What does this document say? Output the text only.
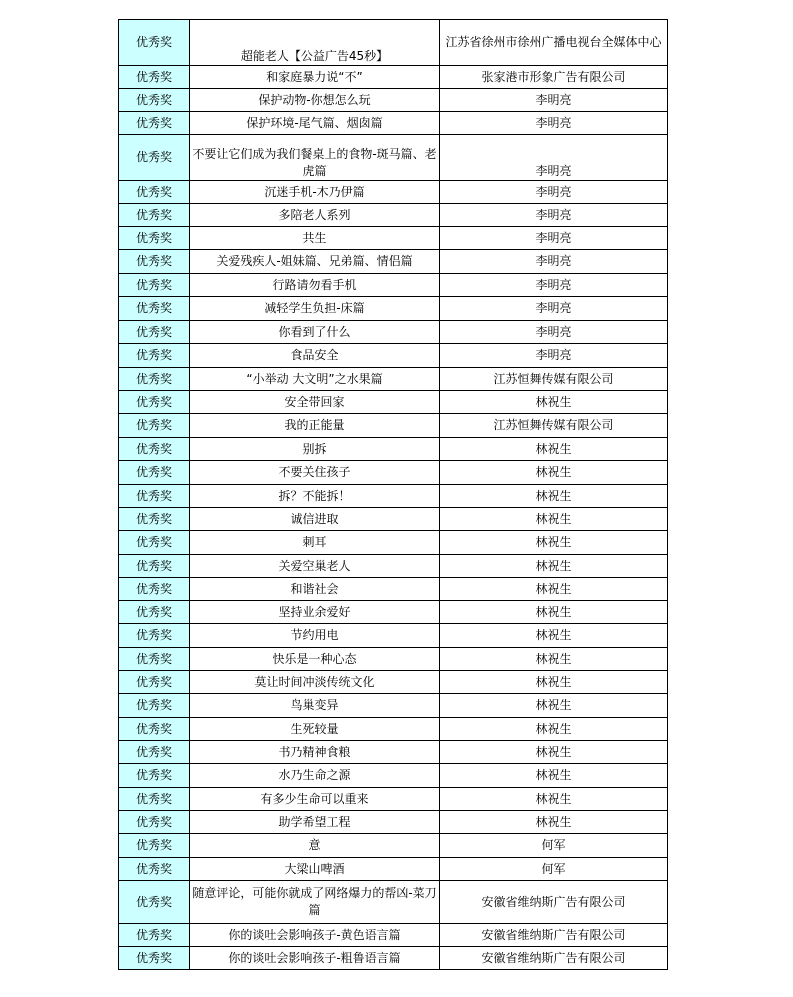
优秀奖	超能老人【公益广告45秒】	江苏省徐州市徐州广播电视台全媒体中心
优秀奖	和家庭暴力说“不”	张家港市形象广告有限公司
优秀奖	保护动物-你想怎么玩	李明亮
优秀奖	保护环境-尾气篇、烟囱篇	李明亮
优秀奖	不要让它们成为我们餐桌上的食物-斑马篇、老虎篇	李明亮
优秀奖	沉迷手机-木乃伊篇	李明亮
优秀奖	多陪老人系列	李明亮
优秀奖	共生	李明亮
优秀奖	关爱残疾人-姐妹篇、兄弟篇、情侣篇	李明亮
优秀奖	行路请勿看手机	李明亮
优秀奖	减轻学生负担-床篇	李明亮
优秀奖	你看到了什么	李明亮
优秀奖	食品安全	李明亮
优秀奖	“小举动 大文明”之水果篇	江苏恒舞传媒有限公司
优秀奖	安全带回家	林祝生
优秀奖	我的正能量	江苏恒舞传媒有限公司
优秀奖	别拆	林祝生
优秀奖	不要关住孩子	林祝生
优秀奖	拆？不能拆！	林祝生
优秀奖	诚信进取	林祝生
优秀奖	刺耳	林祝生
优秀奖	关爱空巢老人	林祝生
优秀奖	和谐社会	林祝生
优秀奖	坚持业余爱好	林祝生
优秀奖	节约用电	林祝生
优秀奖	快乐是一种心态	林祝生
优秀奖	莫让时间冲淡传统文化	林祝生
优秀奖	鸟巢变异	林祝生
优秀奖	生死较量	林祝生
优秀奖	书乃精神食粮	林祝生
优秀奖	水乃生命之源	林祝生
优秀奖	有多少生命可以重来	林祝生
优秀奖	助学希望工程	林祝生
优秀奖	意	何军
优秀奖	大梁山啤酒	何军
优秀奖	随意评论，可能你就成了网络爆力的帮凶-菜刀篇	安徽省维纳斯广告有限公司
优秀奖	你的谈吐会影响孩子-黄色语言篇	安徽省维纳斯广告有限公司
优秀奖	你的谈吐会影响孩子-粗鲁语言篇	安徽省维纳斯广告有限公司
